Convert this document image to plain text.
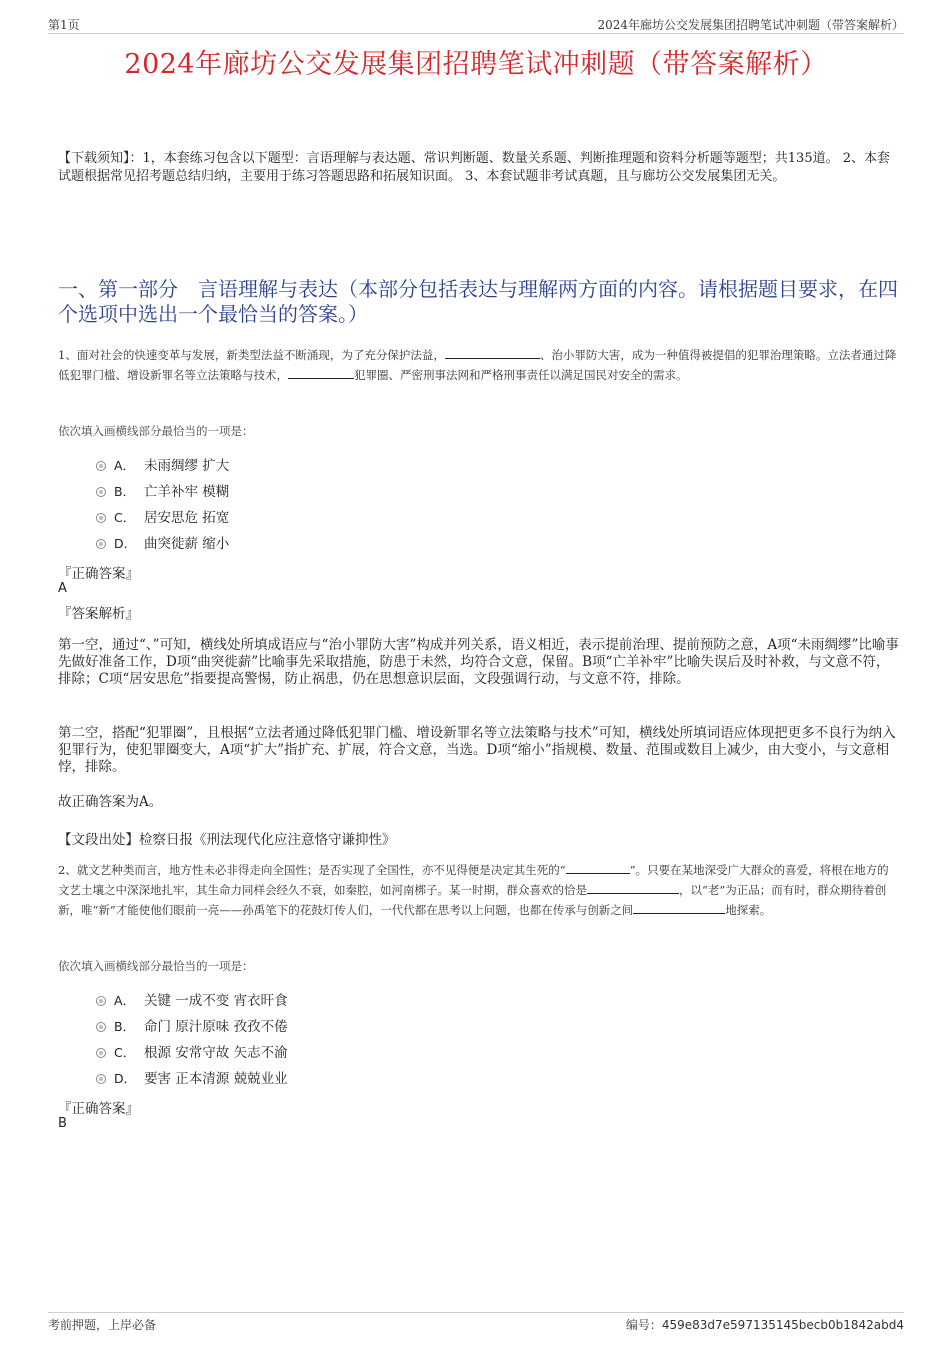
第1页	2024年廊坊公交发展集团招聘笔试冲刺题（带答案解析）
2024年廊坊公交发展集团招聘笔试冲刺题（带答案解析）
【下载须知】：1，本套练习包含以下题型：言语理解与表达题、常识判断题、数量关系题、判断推理题和资料分析题等题型；共135道。 2、本套试题根据常见招考题总结归纳，主要用于练习答题思路和拓展知识面。 3、本套试题非考试真题，且与廊坊公交发展集团无关。
一、第一部分　言语理解与表达（本部分包括表达与理解两方面的内容。请根据题目要求，在四个选项中选出一个最恰当的答案。）
1、面对社会的快速变革与发展，新类型法益不断涌现，为了充分保护法益，	、治小罪防大害，成为一种值得被提倡的犯罪治理策略。立法者通过降低犯罪门槛、增设新罪名等立法策略与技术，	犯罪圈、严密刑事法网和严格刑事责任以满足国民对安全的需求。
依次填入画横线部分最恰当的一项是：
A． 未雨绸缪 扩大
B． 亡羊补牢 模糊
C． 居安思危 拓宽
D． 曲突徙薪 缩小
『正确答案』
A
『答案解析』
第一空，通过“、”可知，横线处所填成语应与“治小罪防大害”构成并列关系，语义相近，表示提前治理、提前预防之意，A项“未雨绸缪”比喻事先做好准备工作，D项“曲突徙薪”比喻事先采取措施，防患于未然，均符合文意，保留。B项“亡羊补牢”比喻失误后及时补救，与文意不符，排除；C项“居安思危”指要提高警惕，防止祸患，仍在思想意识层面，文段强调行动，与文意不符，排除。
第二空，搭配“犯罪圈”，且根据“立法者通过降低犯罪门槛、增设新罪名等立法策略与技术”可知，横线处所填词语应体现把更多不良行为纳入犯罪行为，使犯罪圈变大，A项“扩大”指扩充、扩展，符合文意，当选。D项“缩小”指规模、数量、范围或数目上减少，由大变小，与文意相悖，排除。
故正确答案为A。
【文段出处】检察日报《刑法现代化应注意恪守谦抑性》
2、就文艺种类而言，地方性未必非得走向全国性；是否实现了全国性，亦不见得便是决定其生死的“	”。只要在某地深受广大群众的喜爱，将根在地方的文艺土壤之中深深地扎牢，其生命力同样会经久不衰，如秦腔，如河南梆子。某一时期，群众喜欢的恰是	，以“老”为正品；而有时，群众期待着创新，唯“新”才能使他们眼前一亮——孙禹笔下的花鼓灯传人们，一代代都在思考以上问题，也都在传承与创新之间	地探索。
依次填入画横线部分最恰当的一项是：
A． 关键 一成不变 宵衣旰食
B． 命门 原汁原味 孜孜不倦
C． 根源 安常守故 矢志不渝
D． 要害 正本清源 兢兢业业
『正确答案』
B
考前押题，上岸必备	编号：459e83d7e597135145becb0b1842abd4
